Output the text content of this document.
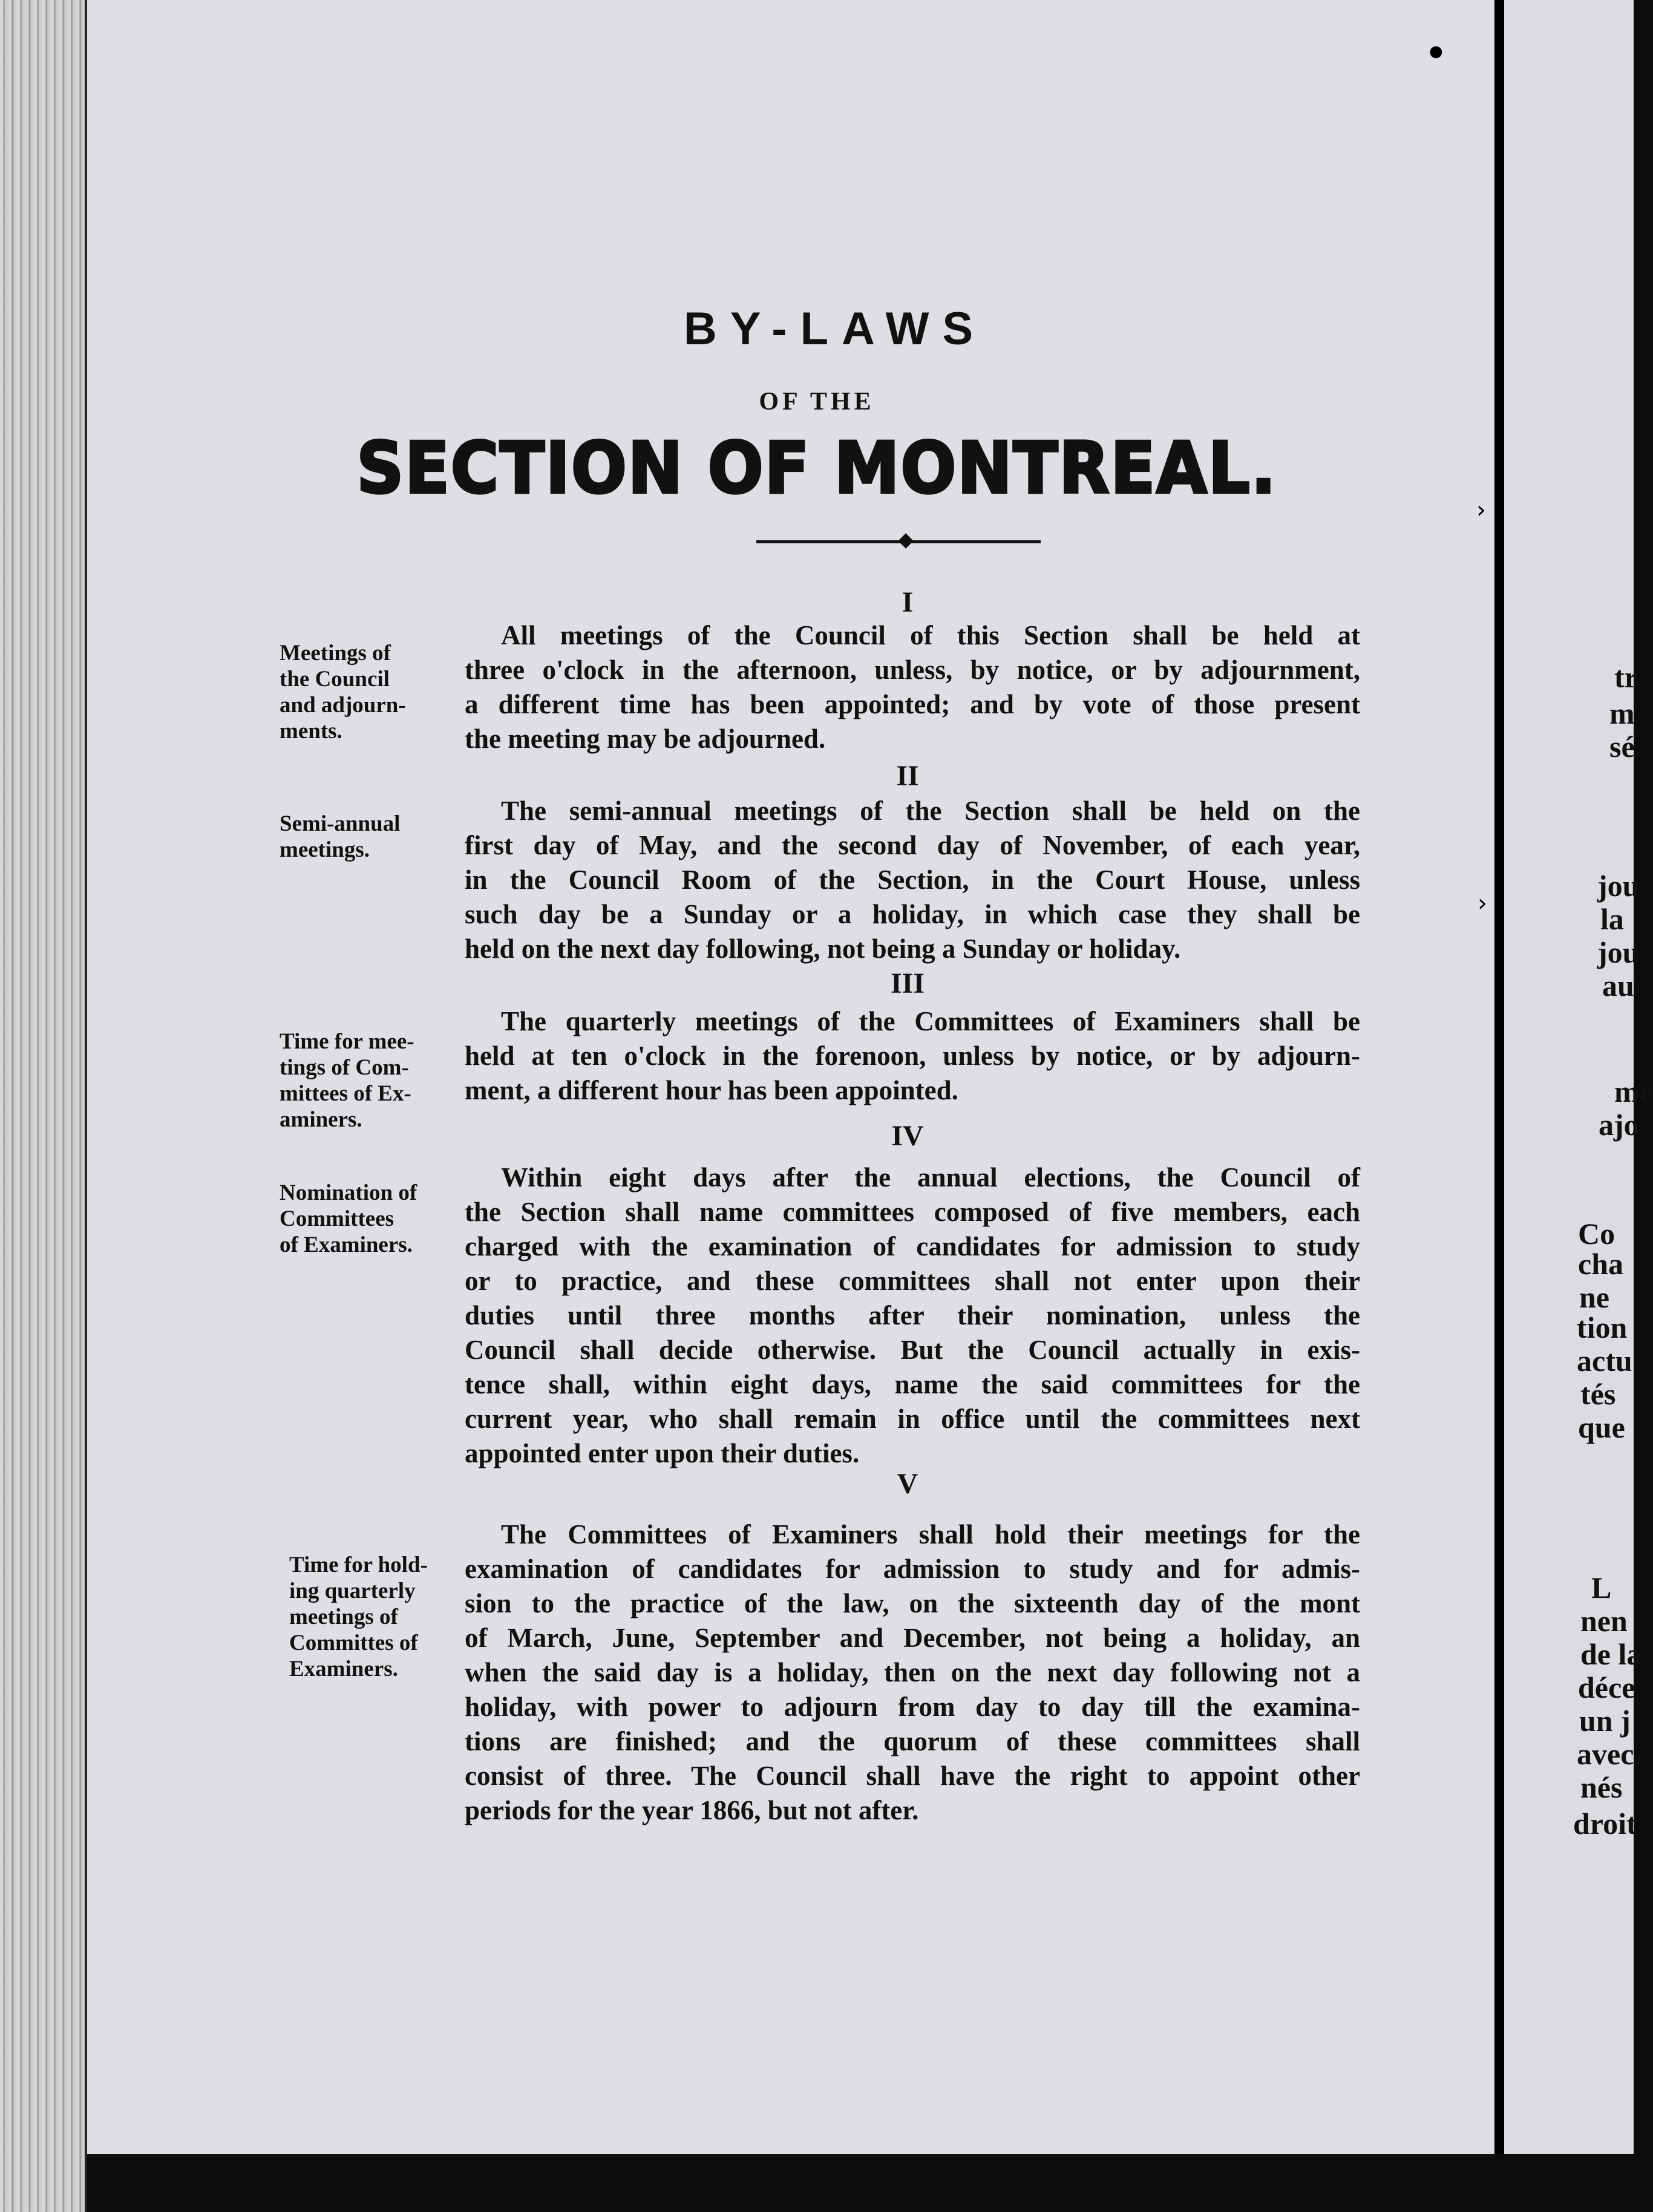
●
›
›
tr
m
sé
jou
la
jou
au
me
ajo
Co
cha
ne
tion
actu
tés
que
L
nen
de la
déce
un j
avec
nés
droit
BY-LAWS
OF THE
SECTION OF MONTREAL.
I
Meetings of
the Council
and adjourn-
ments.
All meetings of the Council of this Section shall be held at
three o'clock in the afternoon, unless, by notice, or by adjournment,
a different time has been appointed; and by vote of those present
the meeting may be adjourned.
II
Semi-annual
meetings.
The semi-annual meetings of the Section shall be held on the
first day of May, and the second day of November, of each year,
in the Council Room of the Section, in the Court House, unless
such day be a Sunday or a holiday, in which case they shall be
held on the next day following, not being a Sunday or holiday.
III
Time for mee-
tings of Com-
mittees of Ex-
aminers.
The quarterly meetings of the Committees of Examiners shall be
held at ten o'clock in the forenoon, unless by notice, or by adjourn-
ment, a different hour has been appointed.
IV
Nomination of
Committees
of Examiners.
Within eight days after the annual elections, the Council of
the Section shall name committees composed of five members, each
charged with the examination of candidates for admission to study
or to practice, and these committees shall not enter upon their
duties until three months after their nomination, unless the
Council shall decide otherwise. But the Council actually in exis-
tence shall, within eight days, name the said committees for the
current year, who shall remain in office until the committees next
appointed enter upon their duties.
V
Time for hold-
ing quarterly
meetings of
Committes of
Examiners.
The Committees of Examiners shall hold their meetings for the
examination of candidates for admission to study and for admis-
sion to the practice of the law, on the sixteenth day of the mont
of March, June, September and December, not being a holiday, an
when the said day is a holiday, then on the next day following not a
holiday, with power to adjourn from day to day till the examina-
tions are finished; and the quorum of these committees shall
consist of three. The Council shall have the right to appoint other
periods for the year 1866, but not after.
